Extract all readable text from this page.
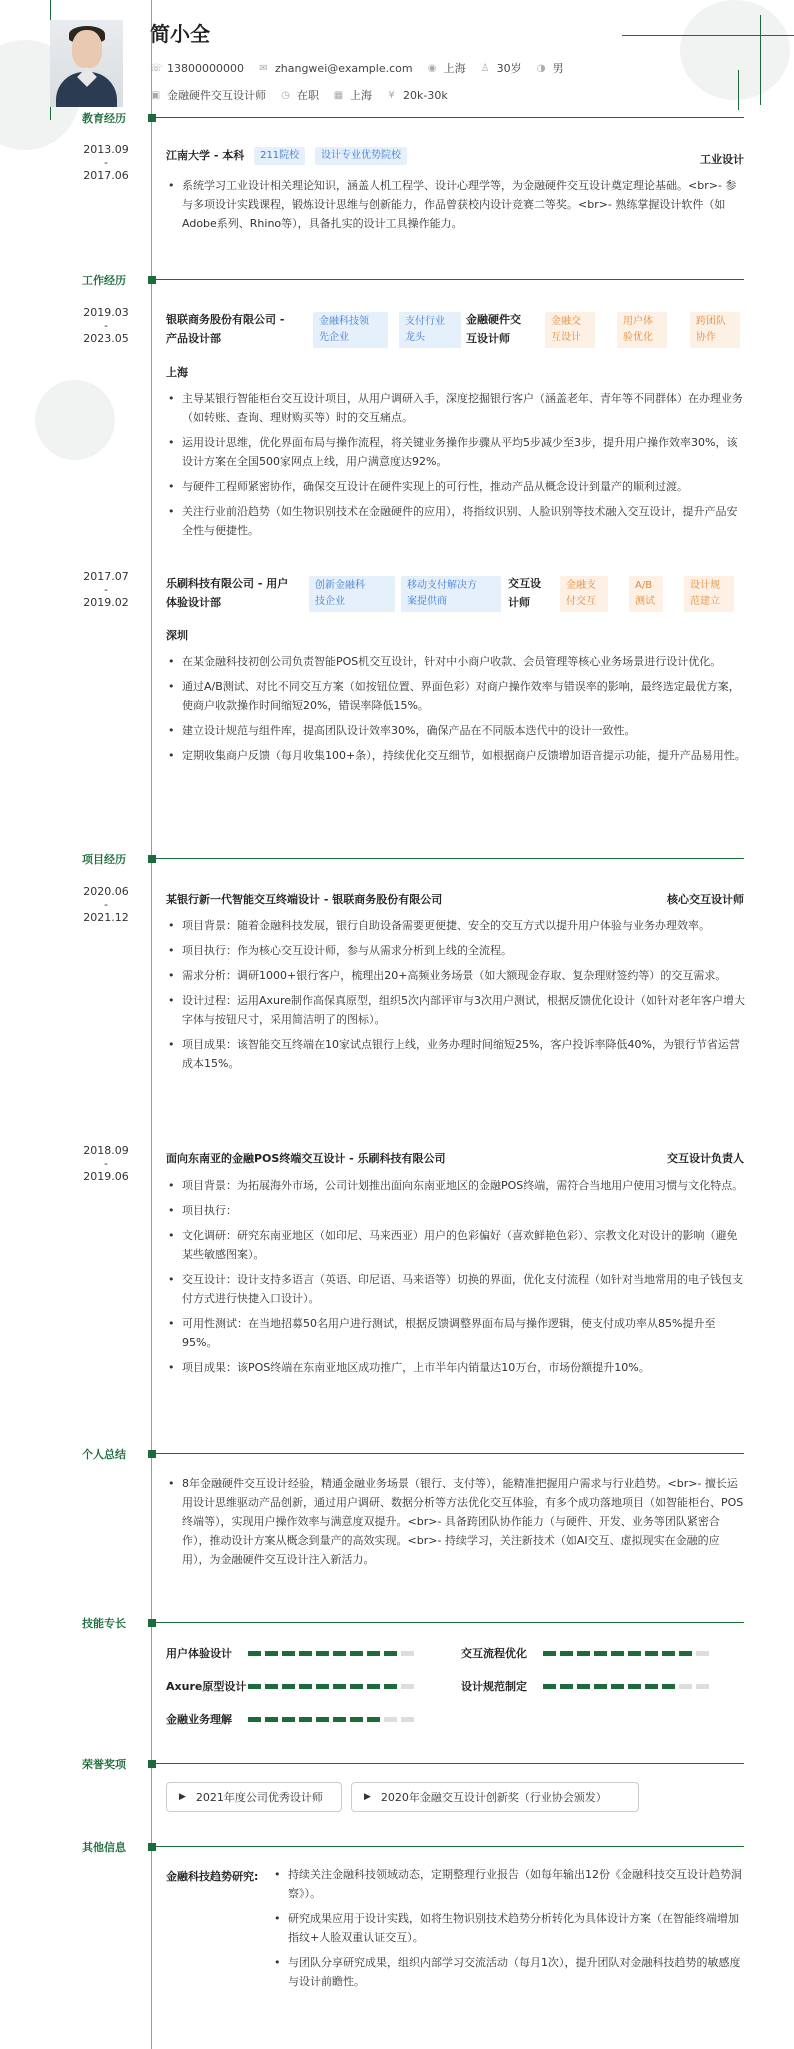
简小全
☏ 13800000000 ✉ zhangwei@example.com ◉ 上海 ♙ 30岁 ◑ 男
▣ 金融硬件交互设计师 ◷ 在职 ▦ 上海 ¥ 20k-30k
教育经历
2013.09
-
2017.06
江南大学 - 本科 211院校 设计专业优势院校	工业设计
• 系统学习工业设计相关理论知识，涵盖人机工程学、设计心理学等，为金融硬件交互设计奠定理论基础。<br>- 参与多项设计实践课程，锻炼设计思维与创新能力，作品曾获校内设计竞赛二等奖。<br>- 熟练掌握设计软件（如Adobe系列、Rhino等），具备扎实的设计工具操作能力。
工作经历
2019.03
-
2023.05
银联商务股份有限公司 -
产品设计部
金融科技领
先企业
支付行业
龙头
金融硬件交
互设计师
金融交
互设计
用户体
验优化
跨团队
协作
上海
• 主导某银行智能柜台交互设计项目，从用户调研入手，深度挖掘银行客户（涵盖老年、青年等不同群体）在办理业务（如转账、查询、理财购买等）时的交互痛点。
• 运用设计思维，优化界面布局与操作流程，将关键业务操作步骤从平均5步减少至3步，提升用户操作效率30%，该设计方案在全国500家网点上线，用户满意度达92%。
• 与硬件工程师紧密协作，确保交互设计在硬件实现上的可行性，推动产品从概念设计到量产的顺利过渡。
• 关注行业前沿趋势（如生物识别技术在金融硬件的应用），将指纹识别、人脸识别等技术融入交互设计，提升产品安全性与便捷性。
2017.07
-
2019.02
乐刷科技有限公司 - 用户
体验设计部
创新金融科
技企业
移动支付解决方
案提供商
交互设
计师
金融支
付交互
A/B
测试
设计规
范建立
深圳
• 在某金融科技初创公司负责智能POS机交互设计，针对中小商户收款、会员管理等核心业务场景进行设计优化。
• 通过A/B测试、对比不同交互方案（如按钮位置、界面色彩）对商户操作效率与错误率的影响，最终选定最优方案，使商户收款操作时间缩短20%，错误率降低15%。
• 建立设计规范与组件库，提高团队设计效率30%，确保产品在不同版本迭代中的设计一致性。
• 定期收集商户反馈（每月收集100+条），持续优化交互细节，如根据商户反馈增加语音提示功能，提升产品易用性。
项目经历
2020.06
-
2021.12
某银行新一代智能交互终端设计 - 银联商务股份有限公司	核心交互设计师
• 项目背景：随着金融科技发展，银行自助设备需要更便捷、安全的交互方式以提升用户体验与业务办理效率。
• 项目执行：作为核心交互设计师，参与从需求分析到上线的全流程。
• 需求分析：调研1000+银行客户，梳理出20+高频业务场景（如大额现金存取、复杂理财签约等）的交互需求。
• 设计过程：运用Axure制作高保真原型，组织5次内部评审与3次用户测试，根据反馈优化设计（如针对老年客户增大字体与按钮尺寸，采用简洁明了的图标）。
• 项目成果：该智能交互终端在10家试点银行上线，业务办理时间缩短25%，客户投诉率降低40%，为银行节省运营成本15%。
2018.09
-
2019.06
面向东南亚的金融POS终端交互设计 - 乐刷科技有限公司	交互设计负责人
• 项目背景：为拓展海外市场，公司计划推出面向东南亚地区的金融POS终端，需符合当地用户使用习惯与文化特点。
• 项目执行：
• 文化调研：研究东南亚地区（如印尼、马来西亚）用户的色彩偏好（喜欢鲜艳色彩）、宗教文化对设计的影响（避免某些敏感图案）。
• 交互设计：设计支持多语言（英语、印尼语、马来语等）切换的界面，优化支付流程（如针对当地常用的电子钱包支付方式进行快捷入口设计）。
• 可用性测试：在当地招募50名用户进行测试，根据反馈调整界面布局与操作逻辑，使支付成功率从85%提升至95%。
• 项目成果：该POS终端在东南亚地区成功推广，上市半年内销量达10万台，市场份额提升10%。
个人总结
• 8年金融硬件交互设计经验，精通金融业务场景（银行、支付等），能精准把握用户需求与行业趋势。<br>- 擅长运用设计思维驱动产品创新，通过用户调研、数据分析等方法优化交互体验，有多个成功落地项目（如智能柜台、POS终端等），实现用户操作效率与满意度双提升。<br>- 具备跨团队协作能力（与硬件、开发、业务等团队紧密合作），推动设计方案从概念到量产的高效实现。<br>- 持续学习，关注新技术（如AI交互、虚拟现实在金融的应用），为金融硬件交互设计注入新活力。
技能专长
用户体验设计	交互流程优化
Axure原型设计	设计规范制定
金融业务理解
荣誉奖项
▶ 2021年度公司优秀设计师	▶ 2020年金融交互设计创新奖（行业协会颁发）
其他信息
金融科技趋势研究:
•	持续关注金融科技领域动态，定期整理行业报告（如每年输出12份《金融科技交互设计趋势洞察》）。
• 研究成果应用于设计实践，如将生物识别技术趋势分析转化为具体设计方案（在智能终端增加指纹+人脸双重认证交互）。
• 与团队分享研究成果，组织内部学习交流活动（每月1次），提升团队对金融科技趋势的敏感度与设计前瞻性。
